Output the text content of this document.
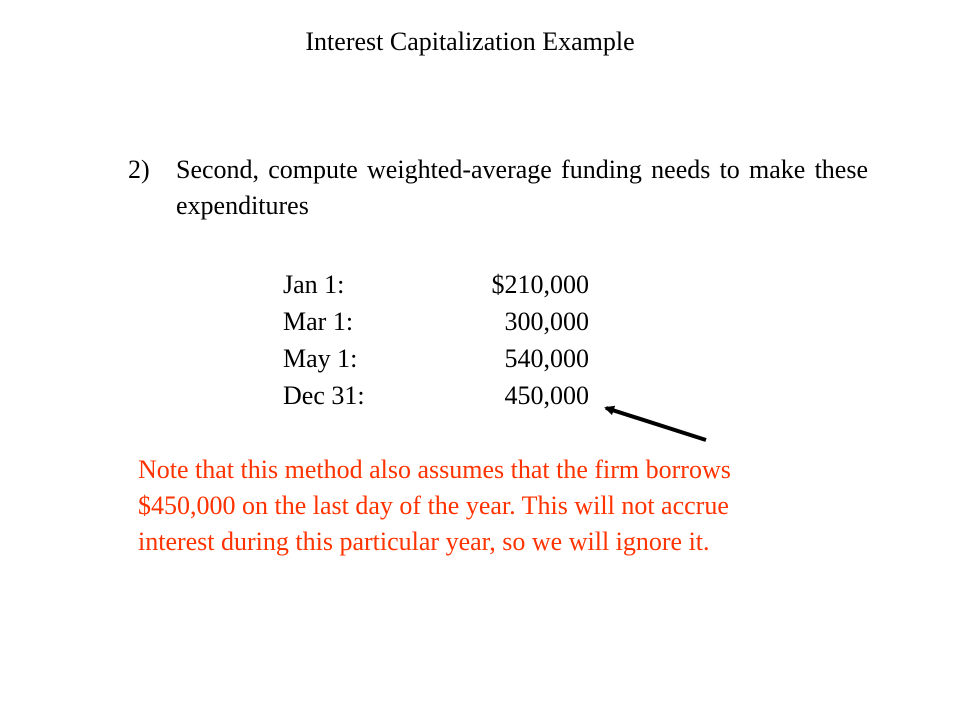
Interest Capitalization Example
2) Second, compute weighted-average funding needs to make these expenditures
Jan 1:	$210,000
Mar 1:	300,000
May 1:	540,000
Dec 31:	450,000
Note that this method also assumes that the firm borrows
$450,000 on the last day of the year. This will not accrue
interest during this particular year, so we will ignore it.
